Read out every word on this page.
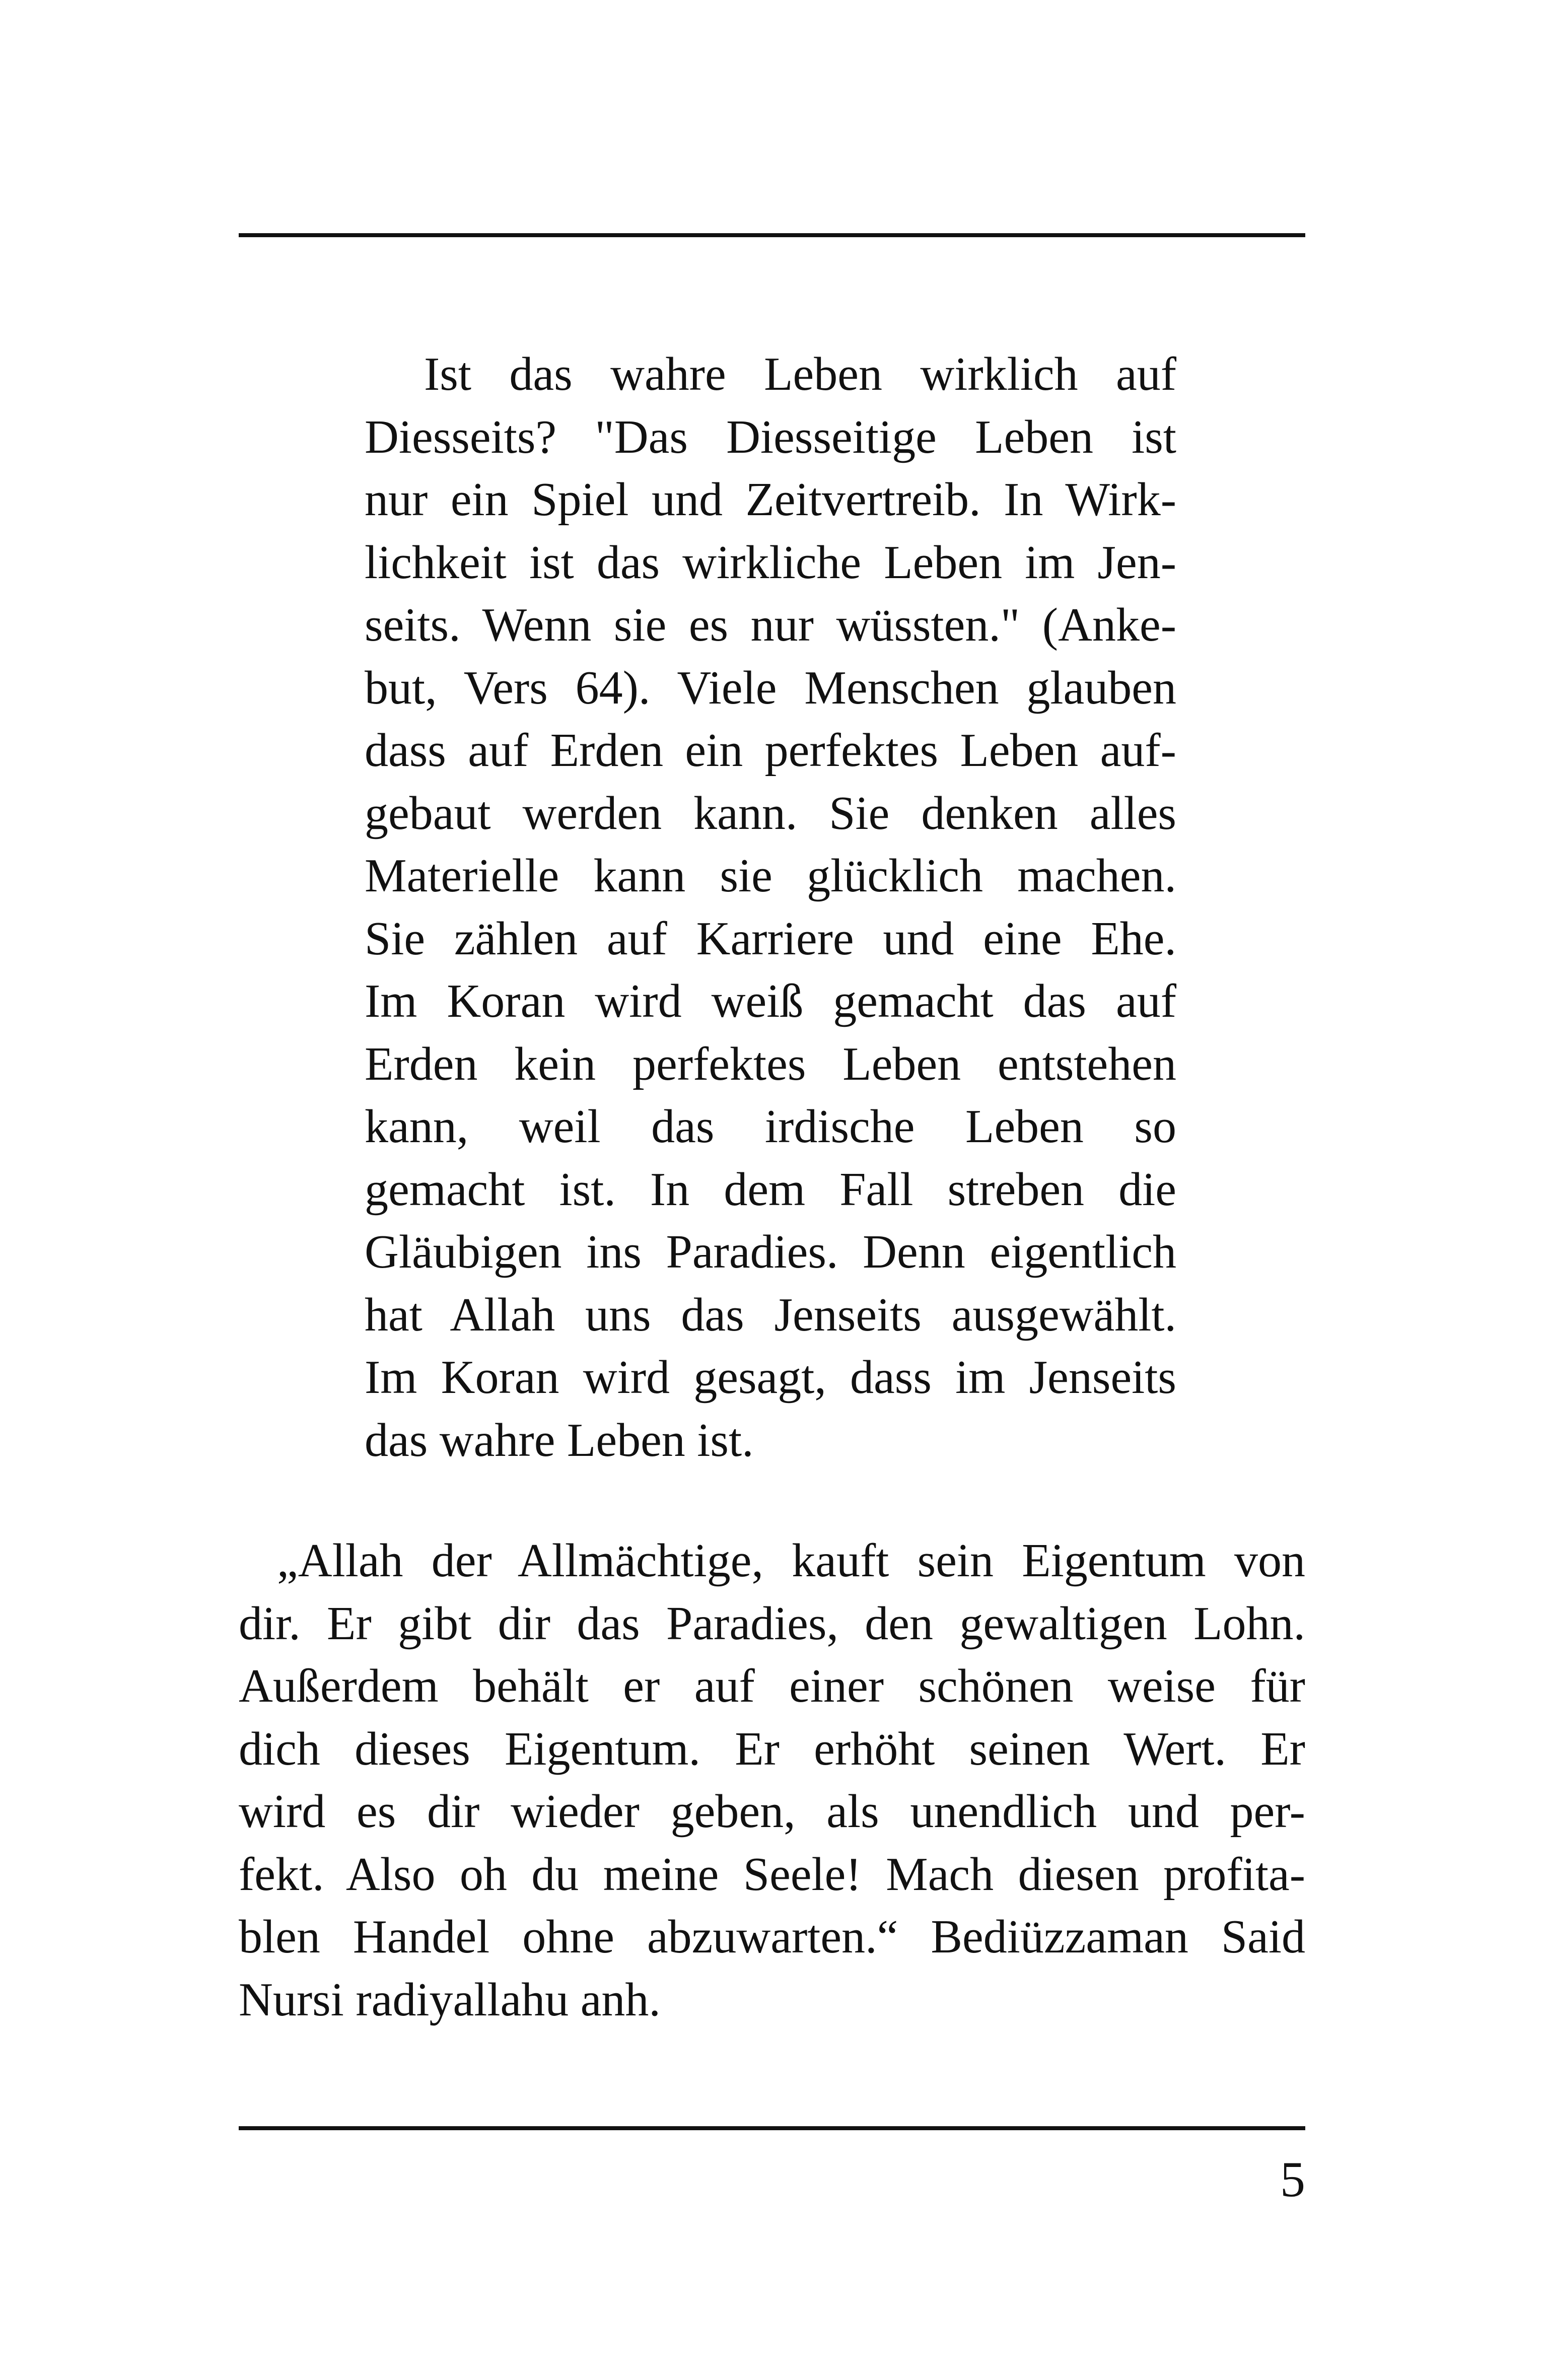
Ist das wahre Leben wirklich auf
Diesseits? "Das Diesseitige Leben ist
nur ein Spiel und Zeitvertreib. In Wirk-
lichkeit ist das wirkliche Leben im Jen-
seits. Wenn sie es nur wüssten." (Anke-
but, Vers 64). Viele Menschen glauben
dass auf Erden ein perfektes Leben auf-
gebaut werden kann. Sie denken alles
Materielle kann sie glücklich machen.
Sie zählen auf Karriere und eine Ehe.
Im Koran wird weiß gemacht das auf
Erden kein perfektes Leben entstehen
kann, weil das irdische Leben so
gemacht ist. In dem Fall streben die
Gläubigen ins Paradies. Denn eigentlich
hat Allah uns das Jenseits ausgewählt.
Im Koran wird gesagt, dass im Jenseits
das wahre Leben ist.
„Allah der Allmächtige, kauft sein Eigentum von
dir. Er gibt dir das Paradies, den gewaltigen Lohn.
Außerdem behält er auf einer schönen weise für
dich dieses Eigentum. Er erhöht seinen Wert. Er
wird es dir wieder geben, als unendlich und per-
fekt. Also oh du meine Seele! Mach diesen profita-
blen Handel ohne abzuwarten.“ Bediüzzaman Said
Nursi radiyallahu anh.
5
